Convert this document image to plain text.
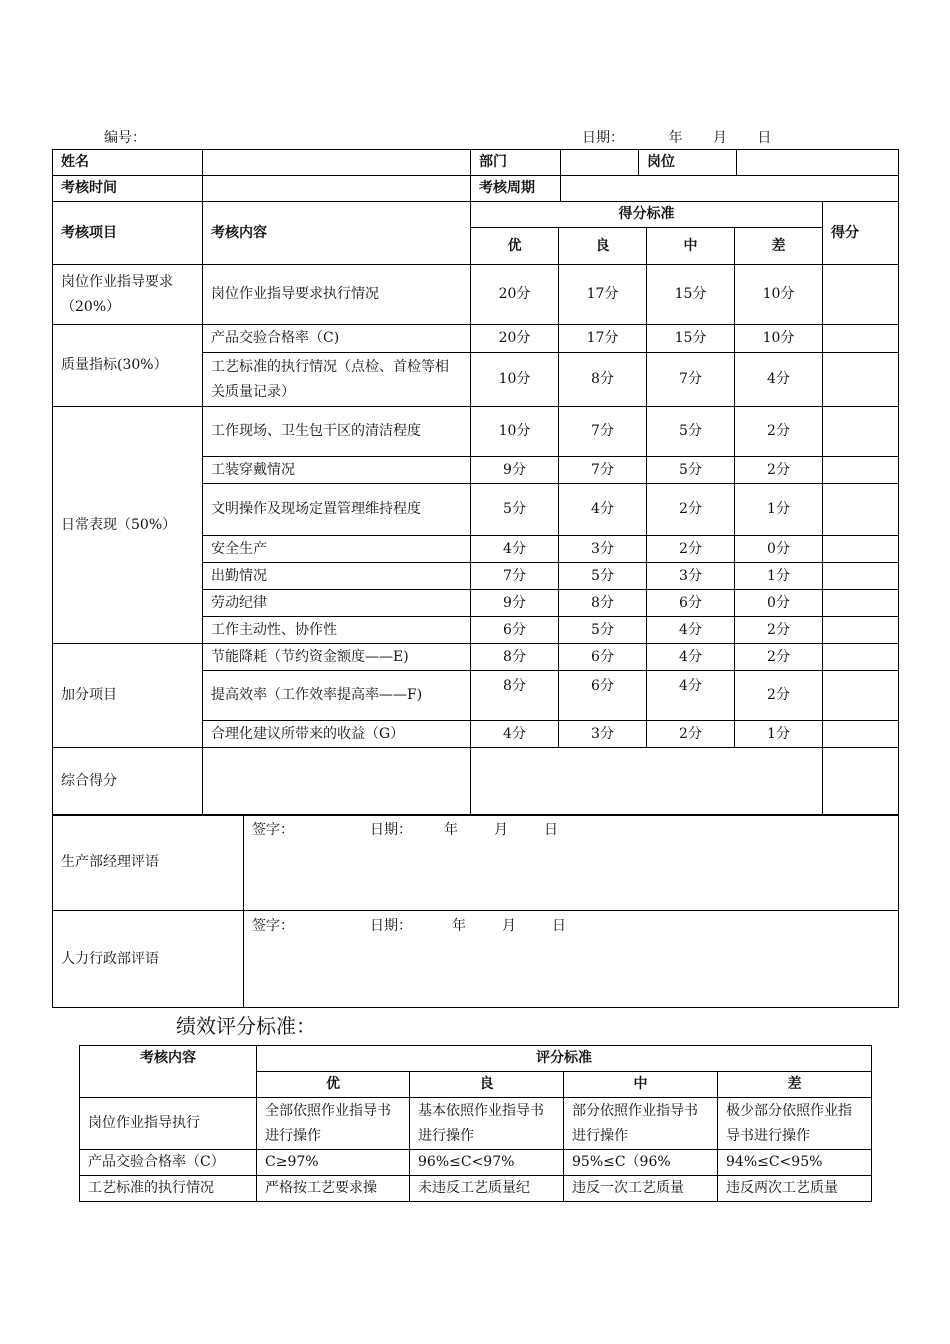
编号：	日期：	年 月 日
姓名		部门		岗位	
考核时间		考核周期			
考核项目	考核内容	得分标准				得分
		优	良	中	差	
岗位作业指导要求（20%）	岗位作业指导要求执行情况	20分	17分	15分	10分	
质量指标(30%）	产品交验合格率（C)	20分	17分	15分	10分	
	工艺标准的执行情况（点检、首检等相关质量记录）	10分	8分	7分	4分	
日常表现（50%）	工作现场、卫生包干区的清洁程度	10分	7分	5分	2分	
	工装穿戴情况	9分	7分	5分	2分	
	文明操作及现场定置管理维持程度	5分	4分	2分	1分	
	安全生产	4分	3分	2分	0分	
	出勤情况	7分	5分	3分	1分	
	劳动纪律	9分	8分	6分	0分	
	工作主动性、协作性	6分	5分	4分	2分	
加分项目	节能降耗（节约资金额度——E)	8分	6分	4分	2分	
	提高效率（工作效率提高率——F)	8分	6分	4分	2分	
	合理化建议所带来的收益（G）	4分	3分	2分	1分	
综合得分						
生产部经理评语	签字： 日期： 年 月 日
人力行政部评语	签字： 日期： 年 月 日
绩效评分标准：
考核内容	评分标准			
	优	良	中	差
岗位作业指导执行	全部依照作业指导书进行操作	基本依照作业指导书进行操作	部分依照作业指导书进行操作	极少部分依照作业指导书进行操作
产品交验合格率（C）	C≥97%	96%≤C<97%	95%≤C（96%	94%≤C<95%
工艺标准的执行情况	严格按工艺要求操	未违反工艺质量纪	违反一次工艺质量	违反两次工艺质量
